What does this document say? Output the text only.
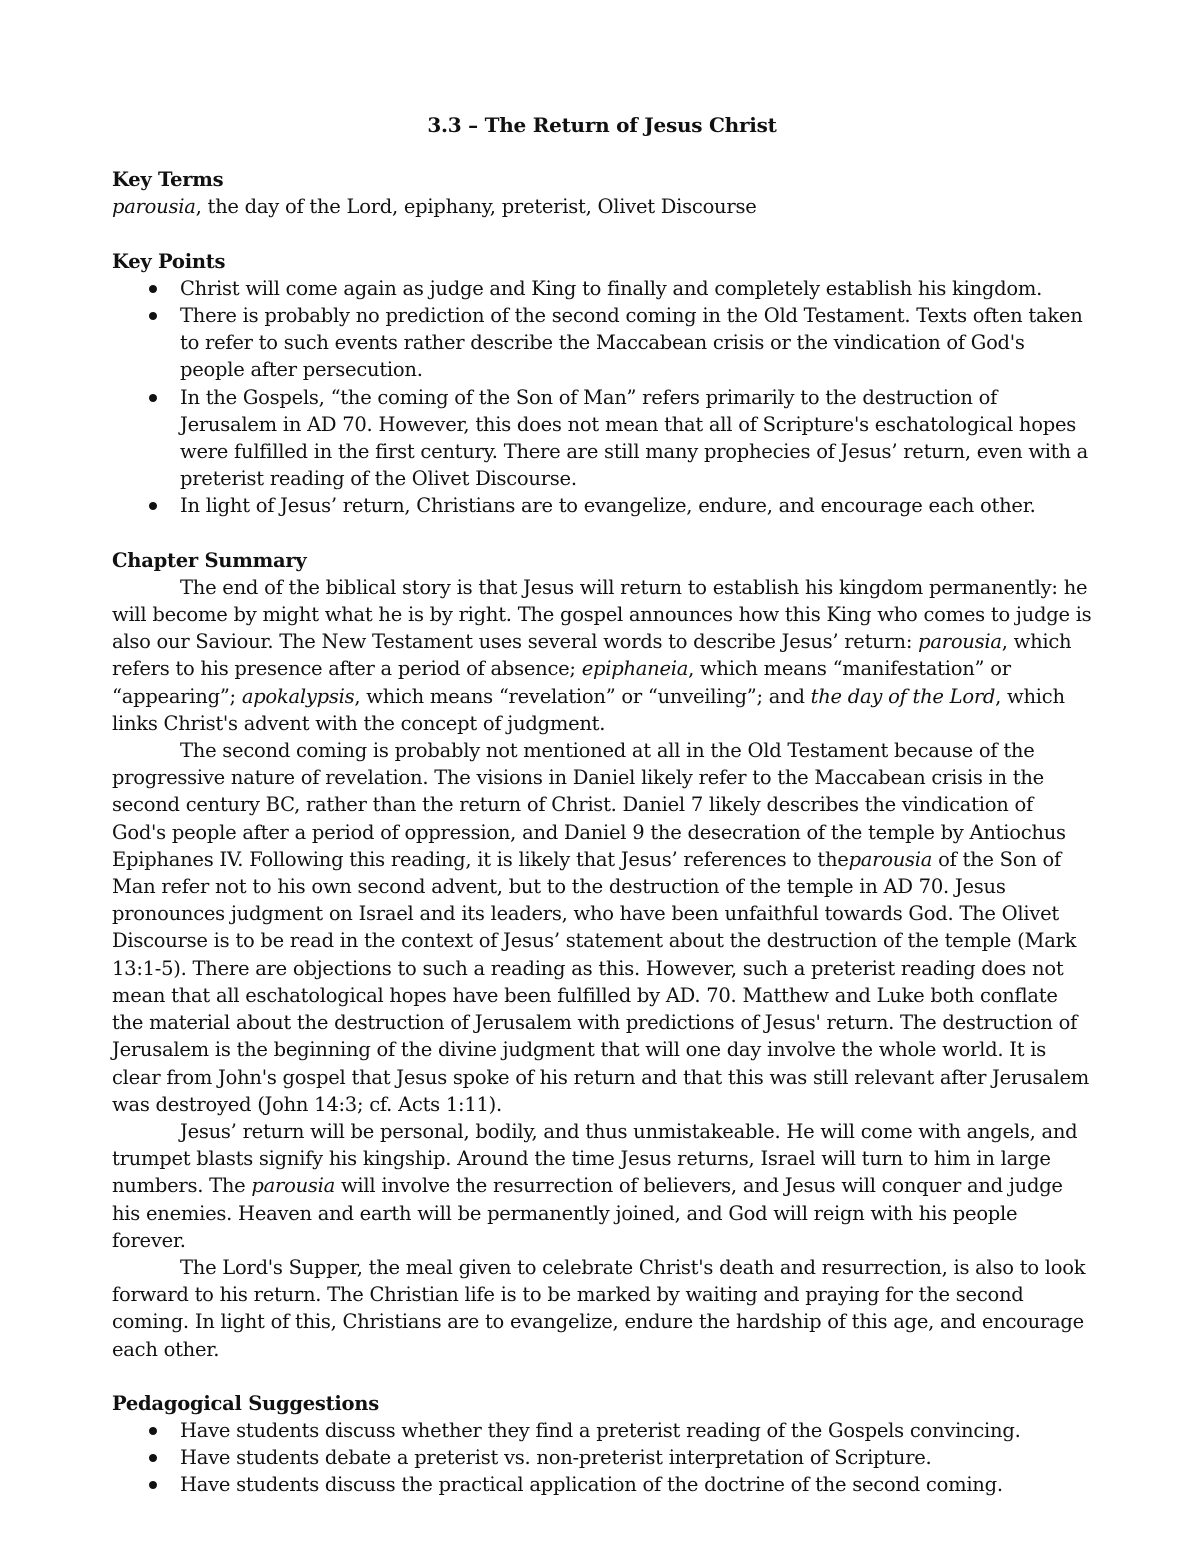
3.3 – The Return of Jesus Christ
Key Terms
parousia, the day of the Lord, epiphany, preterist, Olivet Discourse
Key Points
Christ will come again as judge and King to finally and completely establish his kingdom.
There is probably no prediction of the second coming in the Old Testament. Texts often taken to refer to such events rather describe the Maccabean crisis or the vindication of God's people after persecution.
In the Gospels, “the coming of the Son of Man” refers primarily to the destruction of Jerusalem in AD 70. However, this does not mean that all of Scripture's eschatological hopes were fulfilled in the first century. There are still many prophecies of Jesus’ return, even with a preterist reading of the Olivet Discourse.
In light of Jesus’ return, Christians are to evangelize, endure, and encourage each other.
Chapter Summary

The end of the biblical story is that Jesus will return to establish his kingdom permanently: he will become by might what he is by right. The gospel announces how this King who comes to judge is also our Saviour. The New Testament uses several words to describe Jesus’ return: parousia, which refers to his presence after a period of absence; epiphaneia, which means “manifestation” or “appearing”; apokalypsis, which means “revelation” or “unveiling”; and the day of the Lord, which links Christ's advent with the concept of judgment.

The second coming is probably not mentioned at all in the Old Testament because of the progressive nature of revelation. The visions in Daniel likely refer to the Maccabean crisis in the second century BC, rather than the return of Christ. Daniel 7 likely describes the vindication of God's people after a period of oppression, and Daniel 9 the desecration of the temple by Antiochus Epiphanes IV. Following this reading, it is likely that Jesus’ references to theparousia of the Son of Man refer not to his own second advent, but to the destruction of the temple in AD 70. Jesus pronounces judgment on Israel and its leaders, who have been unfaithful towards God. The Olivet Discourse is to be read in the context of Jesus’ statement about the destruction of the temple (Mark 13:1-5). There are objections to such a reading as this. However, such a preterist reading does not mean that all eschatological hopes have been fulfilled by AD. 70. Matthew and Luke both conflate the material about the destruction of Jerusalem with predictions of Jesus' return. The destruction of Jerusalem is the beginning of the divine judgment that will one day involve the whole world. It is clear from John's gospel that Jesus spoke of his return and that this was still relevant after Jerusalem was destroyed (John 14:3; cf. Acts 1:11).

Jesus’ return will be personal, bodily, and thus unmistakeable. He will come with angels, and trumpet blasts signify his kingship. Around the time Jesus returns, Israel will turn to him in large numbers. The parousia will involve the resurrection of believers, and Jesus will conquer and judge his enemies. Heaven and earth will be permanently joined, and God will reign with his people forever.

The Lord's Supper, the meal given to celebrate Christ's death and resurrection, is also to look forward to his return. The Christian life is to be marked by waiting and praying for the second coming. In light of this, Christians are to evangelize, endure the hardship of this age, and encourage each other.

Pedagogical Suggestions
Have students discuss whether they find a preterist reading of the Gospels convincing.
Have students debate a preterist vs. non-preterist interpretation of Scripture.
Have students discuss the practical application of the doctrine of the second coming.
